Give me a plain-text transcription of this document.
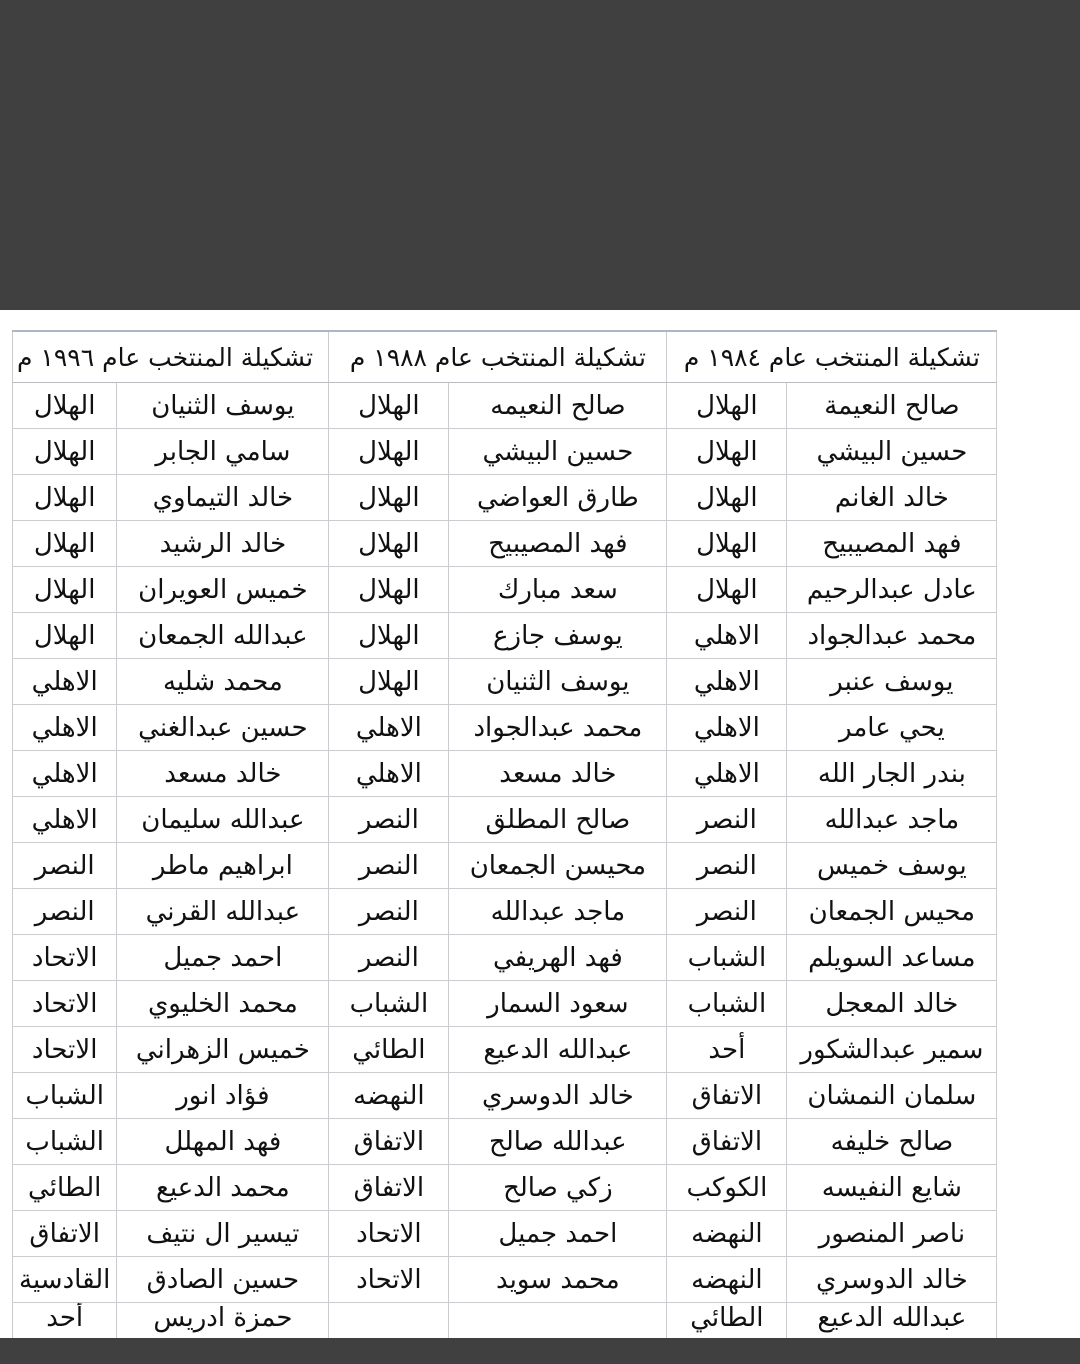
تشكيلة المنتخب عام ١٩٨٤ م		تشكيلة المنتخب عام ١٩٨٨ م		تشكيلة المنتخب عام ١٩٩٦ م	
صالح النعيمة	الهلال	صالح النعيمه	الهلال	يوسف الثنيان	الهلال
حسين البيشي	الهلال	حسين البيشي	الهلال	سامي الجابر	الهلال
خالد الغانم	الهلال	طارق العواضي	الهلال	خالد التيماوي	الهلال
فهد المصيبيح	الهلال	فهد المصيبيح	الهلال	خالد الرشيد	الهلال
عادل عبدالرحيم	الهلال	سعد مبارك	الهلال	خميس العويران	الهلال
محمد عبدالجواد	الاهلي	يوسف جازع	الهلال	عبدالله الجمعان	الهلال
يوسف عنبر	الاهلي	يوسف الثنيان	الهلال	محمد شليه	الاهلي
يحي عامر	الاهلي	محمد عبدالجواد	الاهلي	حسين عبدالغني	الاهلي
بندر الجار الله	الاهلي	خالد مسعد	الاهلي	خالد مسعد	الاهلي
ماجد عبدالله	النصر	صالح المطلق	النصر	عبدالله سليمان	الاهلي
يوسف خميس	النصر	محيسن الجمعان	النصر	ابراهيم ماطر	النصر
محيس الجمعان	النصر	ماجد عبدالله	النصر	عبدالله القرني	النصر
مساعد السويلم	الشباب	فهد الهريفي	النصر	احمد جميل	الاتحاد
خالد المعجل	الشباب	سعود السمار	الشباب	محمد الخليوي	الاتحاد
سمير عبدالشكور	أحد	عبدالله الدعيع	الطائي	خميس الزهراني	الاتحاد
سلمان النمشان	الاتفاق	خالد الدوسري	النهضه	فؤاد انور	الشباب
صالح خليفه	الاتفاق	عبدالله صالح	الاتفاق	فهد المهلل	الشباب
شايع النفيسه	الكوكب	زكي صالح	الاتفاق	محمد الدعيع	الطائي
ناصر المنصور	النهضه	احمد جميل	الاتحاد	تيسير ال نتيف	الاتفاق
خالد الدوسري	النهضه	محمد سويد	الاتحاد	حسين الصادق	القادسية
عبدالله الدعيع	الطائي			حمزة ادريس	أحد
